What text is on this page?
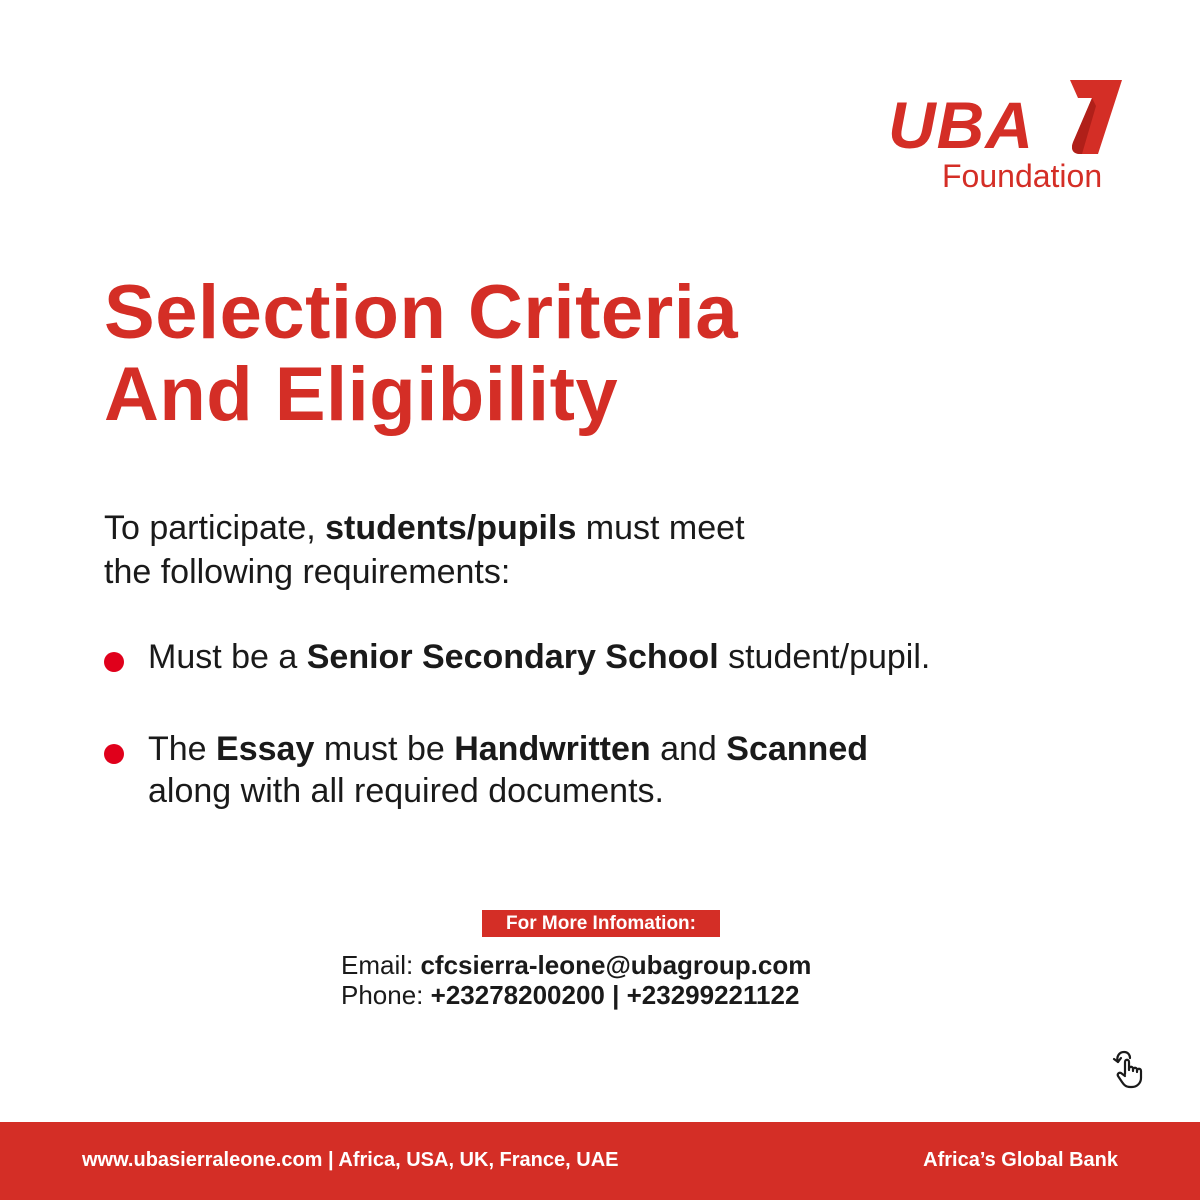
UBA
Foundation
Selection Criteria
And Eligibility

To participate, students/pupils must meet
the following requirements:

Must be a Senior Secondary School student/pupil.
The Essay must be Handwritten and Scanned
along with all required documents.
For More Infomation:
Email: cfcsierra-leone@ubagroup.com
Phone: +23278200200 | +23299221122
www.ubasierraleone.com | Africa, USA, UK, France, UAE	Africa’s Global Bank
